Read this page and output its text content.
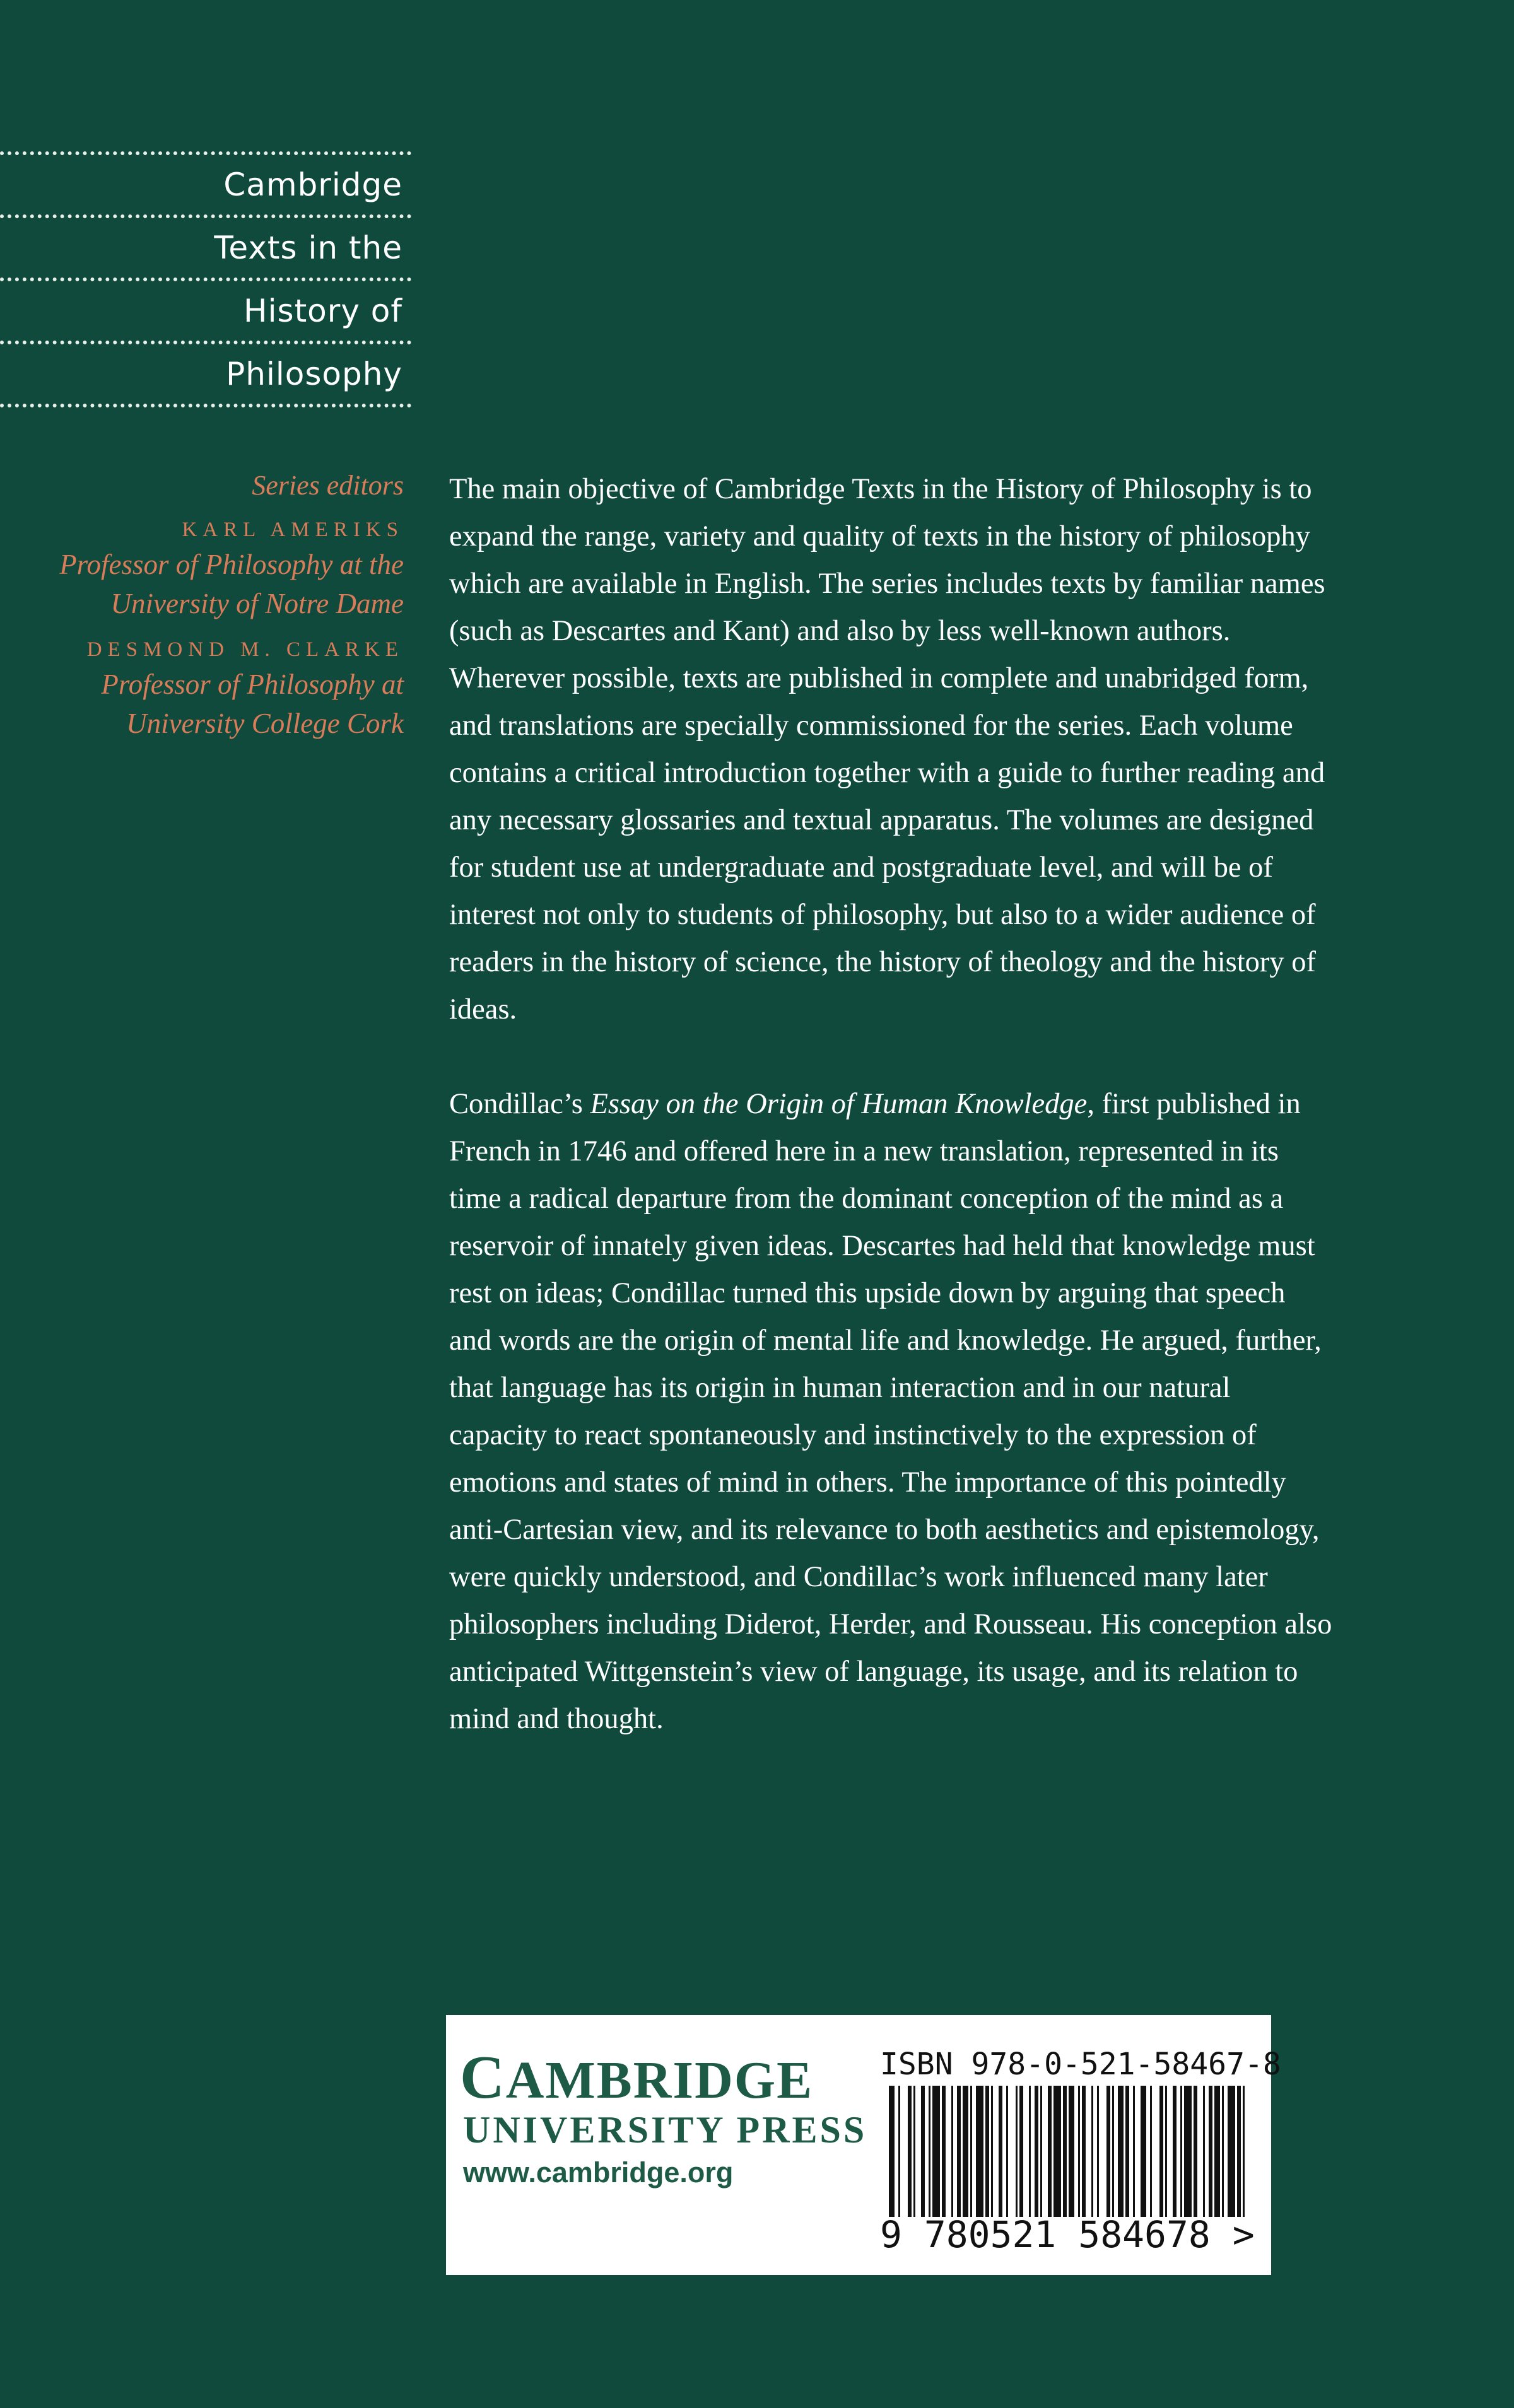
Cambridge
Texts in the
History of
Philosophy
Series editors
KARL AMERIKS
Professor of Philosophy at the
University of Notre Dame
DESMOND M. CLARKE
Professor of Philosophy at
University College Cork

The main objective of Cambridge Texts in the History of Philosophy is to expand the range, variety and quality of texts in the history of philosophy which are available in English. The series includes texts by familiar names (such as Descartes and Kant) and also by less well-known authors. Wherever possible, texts are published in complete and unabridged form, and translations are specially commissioned for the series. Each volume contains a critical introduction together with a guide to further reading and any necessary glossaries and textual apparatus. The volumes are designed for student use at undergraduate and postgraduate level, and will be of interest not only to students of philosophy, but also to a wider audience of readers in the history of science, the history of theology and the history of ideas.

Condillac’s Essay on the Origin of Human Knowledge, first published in French in 1746 and offered here in a new translation, represented in its time a radical departure from the dominant conception of the mind as a reservoir of innately given ideas. Descartes had held that knowledge must rest on ideas; Condillac turned this upside down by arguing that speech and words are the origin of mental life and knowledge. He argued, further, that language has its origin in human interaction and in our natural capacity to react spontaneously and instinctively to the expression of emotions and states of mind in others. The importance of this pointedly anti-Cartesian view, and its relevance to both aesthetics and epistemology, were quickly understood, and Condillac’s work influenced many later philosophers including Diderot, Herder, and Rousseau. His conception also anticipated Wittgenstein’s view of language, its usage, and its relation to mind and thought.

CAMBRIDGE
UNIVERSITY PRESS
www.cambridge.org
ISBN 978-0-521-58467-8
9 780521 584678 >
